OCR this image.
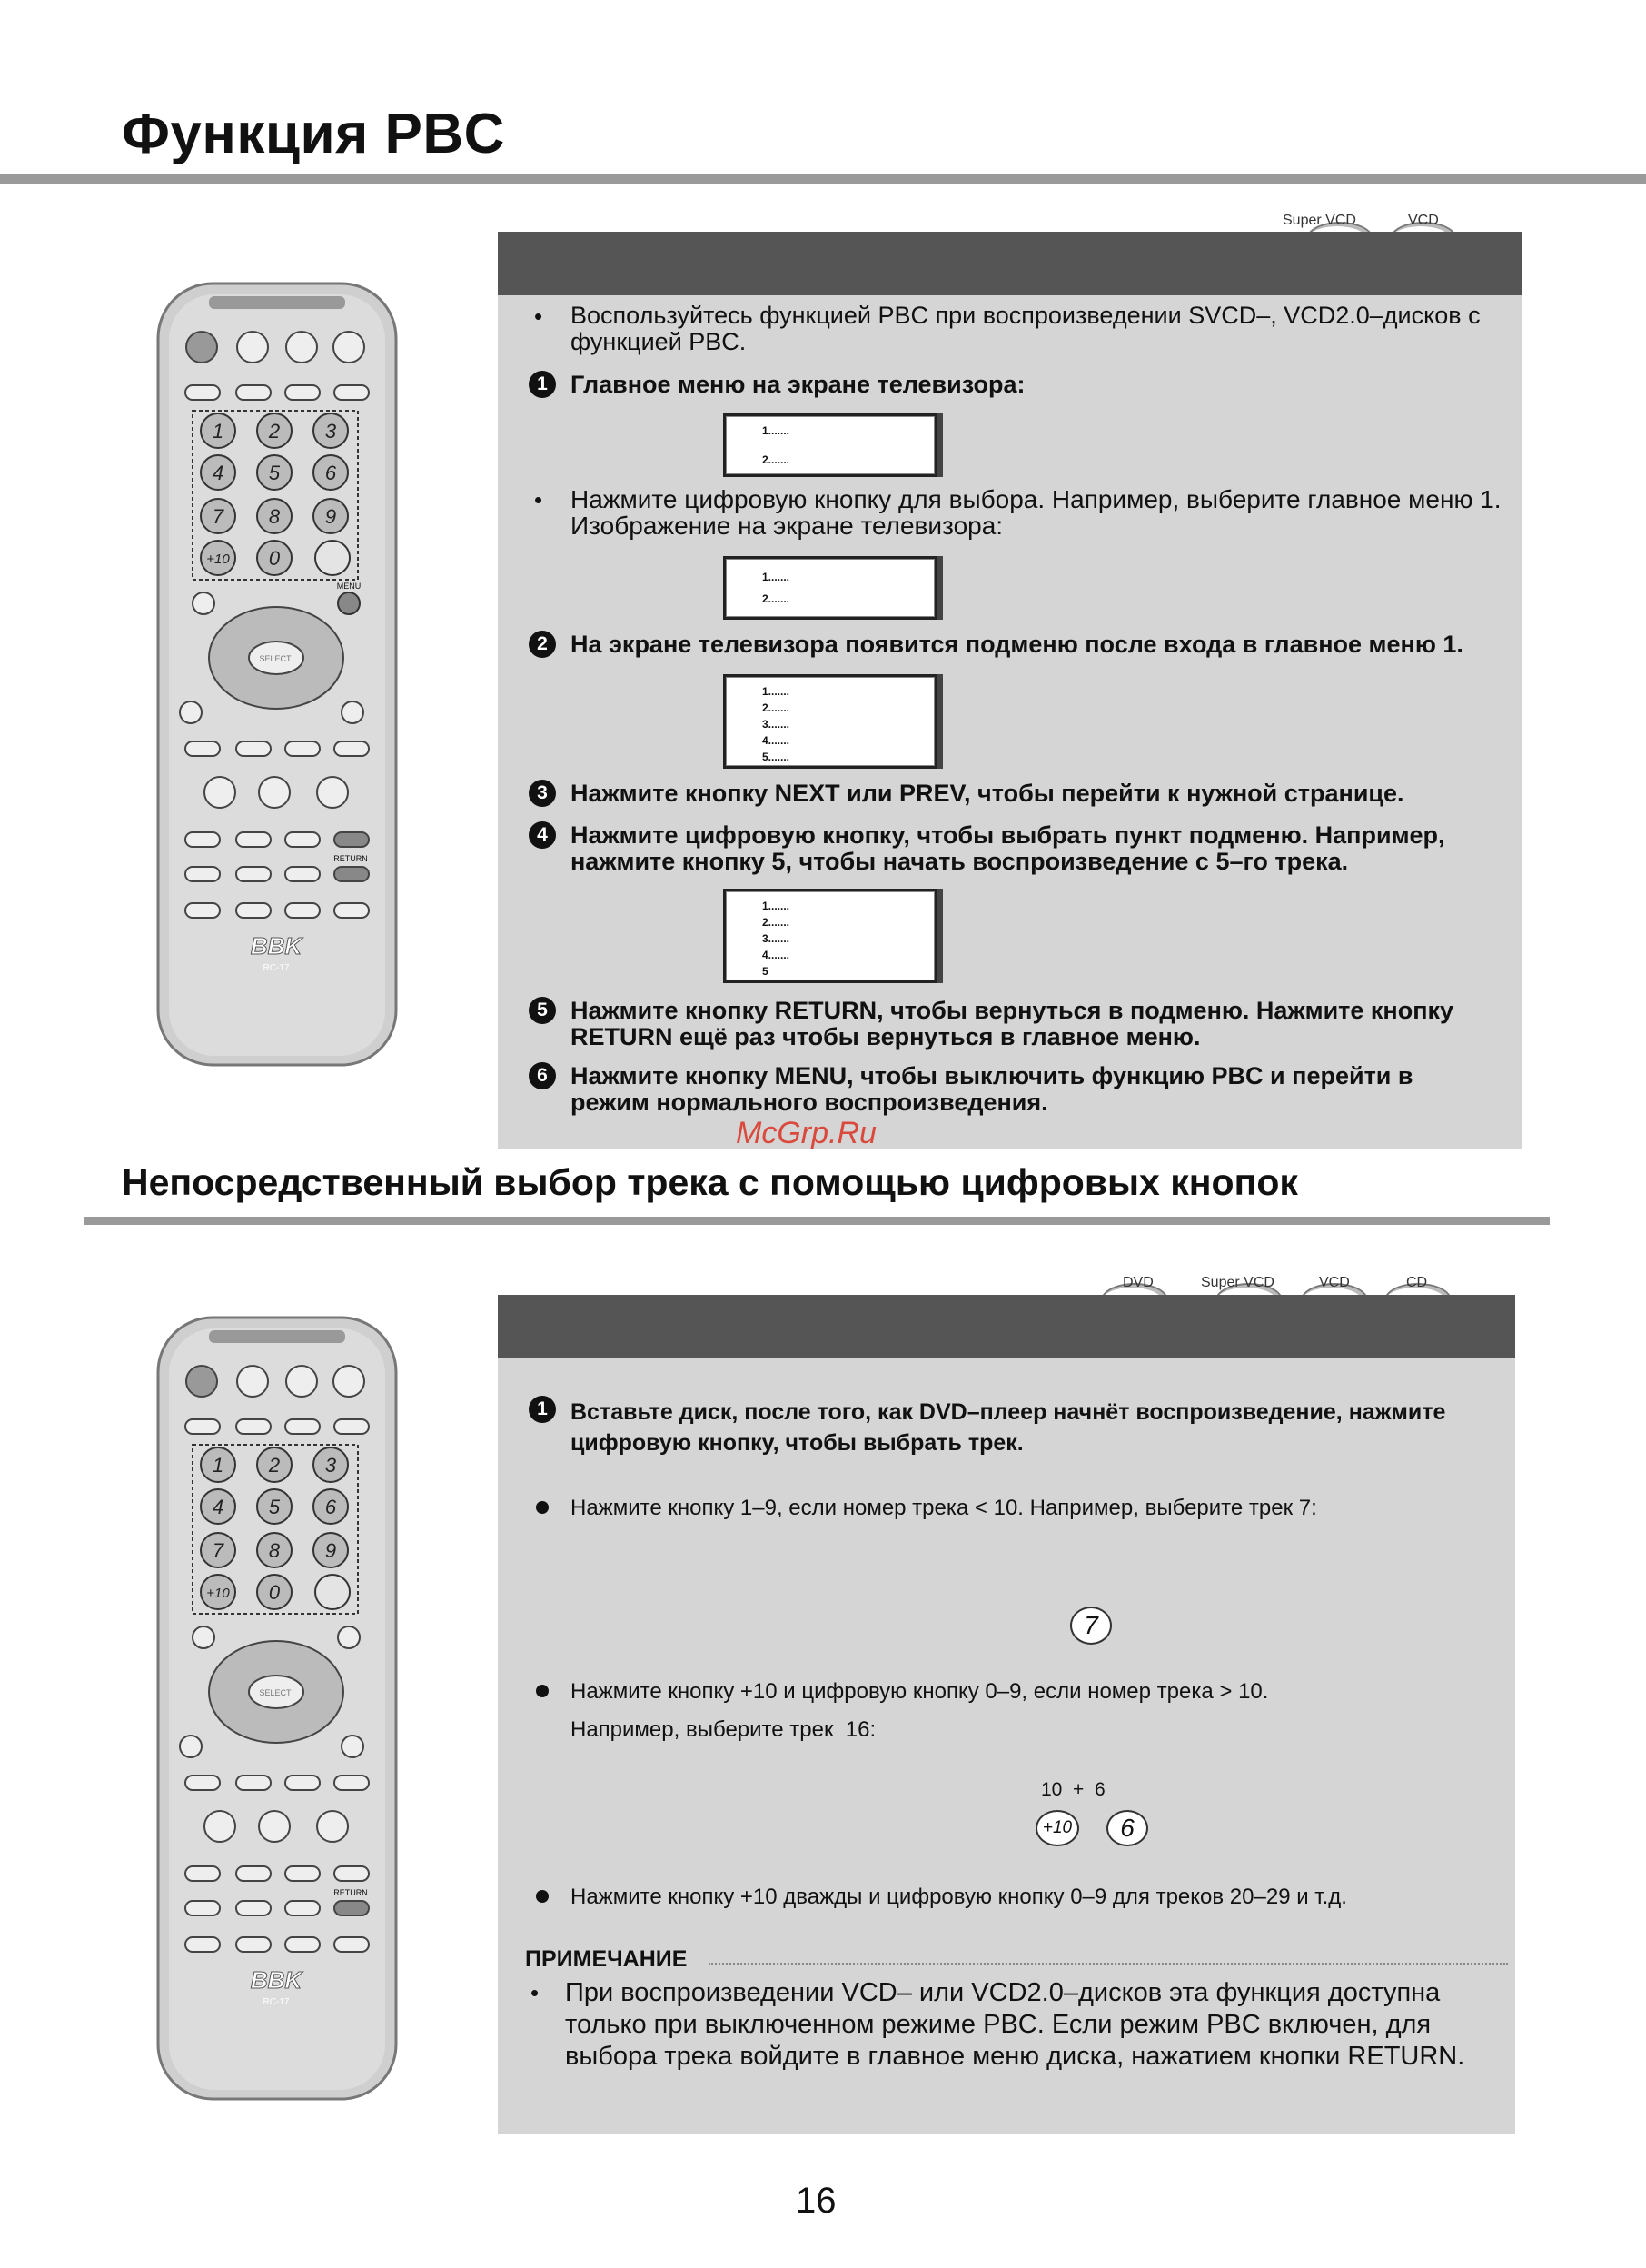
Функция PBC
Super VCD	VCD
• Воспользуйтесь функцией PBC при воспроизведении SVCD–, VCD2.0–дисков с функцией PBC.
1 Главное меню на экране телевизора:
1.......
2.......
• Нажмите цифровую кнопку для выбора. Например, выберите главное меню 1. Изображение на экране телевизора:
1.......
2.......
2 На экране телевизора появится подменю после входа в главное меню 1.
1.......
2.......
3.......
4.......
5.......
3 Нажмите кнопку NEXT или PREV, чтобы перейти к нужной странице.
4 Нажмите цифровую кнопку, чтобы выбрать пункт подменю. Например, нажмите кнопку 5, чтобы начать воспроизведение с 5–го трека.
1.......
2.......
3.......
4.......
5
5 Нажмите кнопку RETURN, чтобы вернуться в подменю. Нажмите кнопку RETURN ещё раз чтобы вернуться в главное меню.
6 Нажмите кнопку MENU, чтобы выключить функцию PBC и перейти в режим нормального воспроизведения.
McGrp.Ru
Непосредственный выбор трека с помощью цифровых кнопок
DVD	Super VCD	VCD	CD
1	Вставьте диск, после того, как DVD–плеер начнёт воспроизведение, нажмите цифровую кнопку, чтобы выбрать трек.
Нажмите кнопку 1–9, если номер трека < 10. Например, выберите трек 7:
7
Нажмите кнопку +10 и цифровую кнопку 0–9, если номер трека > 10.
Например, выберите трек  16:
10  +  6
+10	6
Нажмите кнопку +10 дважды и цифровую кнопку 0–9 для треков 20–29 и т.д.
ПРИМЕЧАНИЕ
• При воспроизведении VCD– или VCD2.0–дисков эта функция доступна только при выключенном режиме PBC. Если режим PBC включен, для выбора трека войдите в главное меню диска, нажатием кнопки RETURN.
16
1 2 3
4 5 6
7 8 9
+10 0
BBK
RC-17
MENU
RETURN
SELECT
1 2 3
4 5 6
7 8 9
+10 0
BBK
RC-17
RETURN
SELECT
